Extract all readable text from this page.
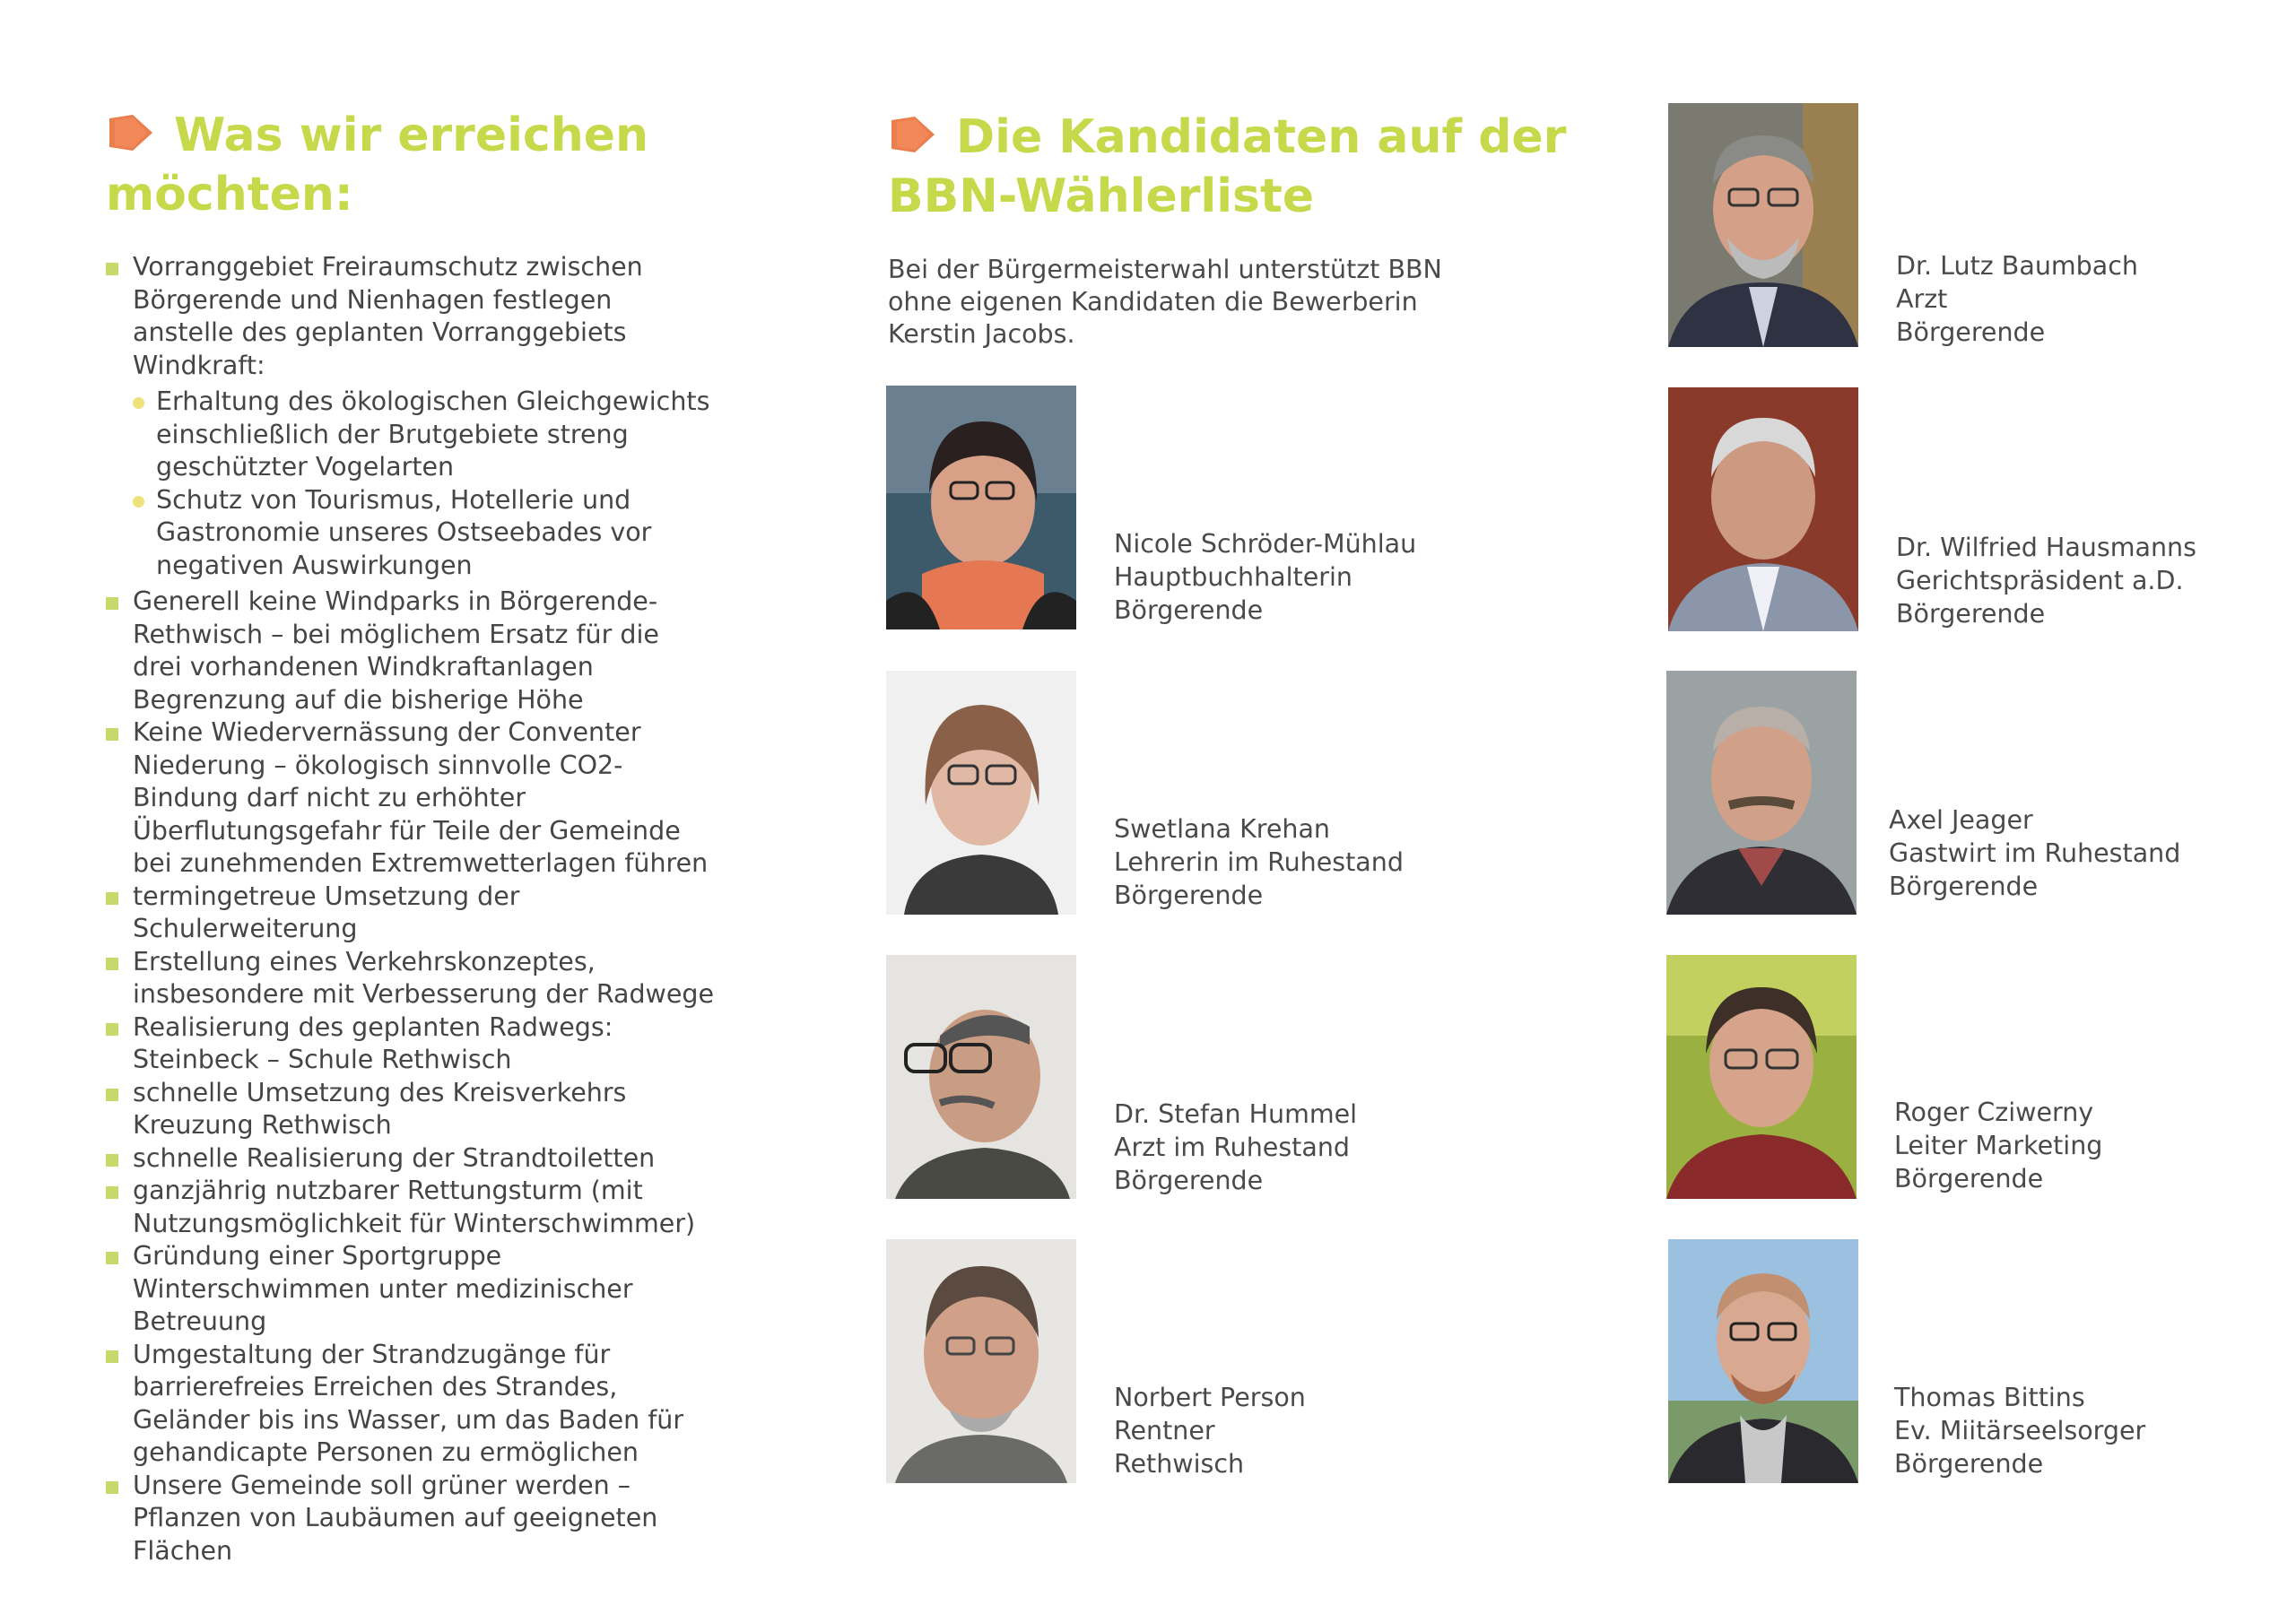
Was wir erreichen
möchten:
Vorranggebiet Freiraumschutz zwischen Börgerende und Nienhagen festlegen anstelle des geplanten Vorranggebiets Windkraft:
Erhaltung des ökologischen Gleichgewichts einschließlich der Brutgebiete streng geschützter Vogelarten
Schutz von Tourismus, Hotellerie und Gastronomie unseres Ostseebades vor negativen Auswirkungen
Generell keine Windparks in Börgerende-Rethwisch – bei möglichem Ersatz für die drei vorhandenen Windkraftanlagen Begrenzung auf die bisherige Höhe
Keine Wiedervernässung der Conventer Niederung – ökologisch sinnvolle CO2-Bindung darf nicht zu erhöhter Überflutungsgefahr für Teile der Gemeinde bei zunehmenden Extremwetterlagen führen
termingetreue Umsetzung der Schulerweiterung
Erstellung eines Verkehrskonzeptes, insbesondere mit Verbesserung der Radwege
Realisierung des geplanten Radwegs: Steinbeck – Schule Rethwisch
schnelle Umsetzung des Kreisverkehrs Kreuzung Rethwisch
schnelle Realisierung der Strandtoiletten
ganzjährig nutzbarer Rettungsturm (mit Nutzungsmöglichkeit für Winterschwimmer)
Gründung einer Sportgruppe Winterschwimmen unter medizinischer Betreuung
Umgestaltung der Strandzugänge für barrierefreies Erreichen des Strandes, Geländer bis ins Wasser, um das Baden für gehandicapte Personen zu ermöglichen
Unsere Gemeinde soll grüner werden – Pflanzen von Laubäumen auf geeigneten Flächen
Die Kandidaten auf der
BBN-Wählerliste

Bei der Bürgermeisterwahl unterstützt BBN ohne eigenen Kandidaten die Bewerberin Kerstin Jacobs.

Nicole Schröder-Mühlau
Hauptbuchhalterin
Börgerende
Swetlana Krehan
Lehrerin im Ruhestand
Börgerende
Dr. Stefan Hummel
Arzt im Ruhestand
Börgerende
Norbert Person
Rentner
Rethwisch
Dr. Lutz Baumbach
Arzt
Börgerende
Dr. Wilfried Hausmanns
Gerichtspräsident a.D.
Börgerende
Axel Jeager
Gastwirt im Ruhestand
Börgerende
Roger Cziwerny
Leiter Marketing
Börgerende
Thomas Bittins
Ev. Miitärseelsorger
Börgerende
